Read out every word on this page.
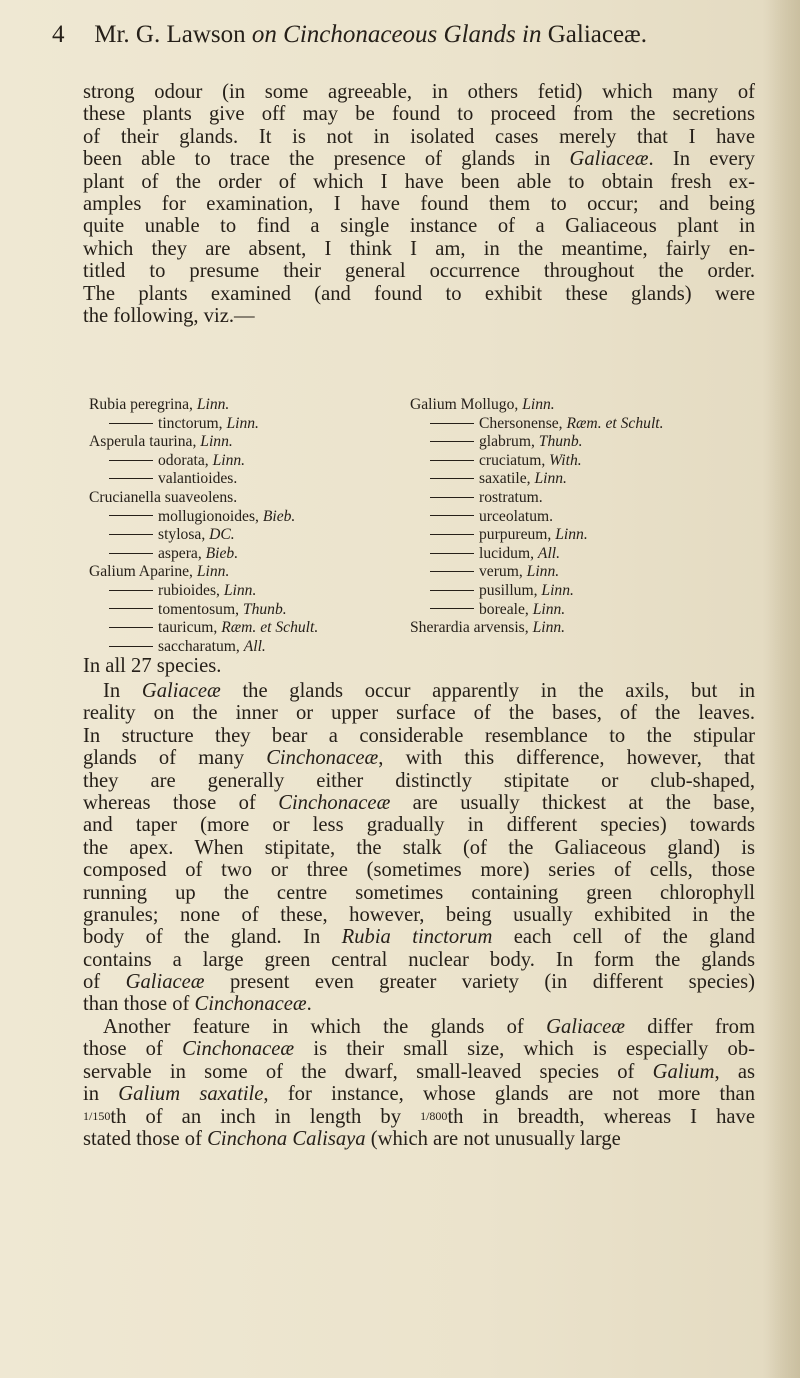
4 Mr. G. Lawson on Cinchonaceous Glands in Galiaceæ.
strong odour (in some agreeable, in others fetid) which many of
these plants give off may be found to proceed from the secretions
of their glands. It is not in isolated cases merely that I have
been able to trace the presence of glands in Galiaceæ. In every
plant of the order of which I have been able to obtain fresh ex-
amples for examination, I have found them to occur; and being
quite unable to find a single instance of a Galiaceous plant in
which they are absent, I think I am, in the meantime, fairly en-
titled to presume their general occurrence throughout the order.
The plants examined (and found to exhibit these glands) were
the following, viz.—
Rubia peregrina, Linn.
tinctorum, Linn.
Asperula taurina, Linn.
odorata, Linn.
valantioides.
Crucianella suaveolens.
mollugionoides, Bieb.
stylosa, DC.
aspera, Bieb.
Galium Aparine, Linn.
rubioides, Linn.
tomentosum, Thunb.
tauricum, Ræm. et Schult.
saccharatum, All.
Galium Mollugo, Linn.
Chersonense, Ræm. et Schult.
glabrum, Thunb.
cruciatum, With.
saxatile, Linn.
rostratum.
urceolatum.
purpureum, Linn.
lucidum, All.
verum, Linn.
pusillum, Linn.
boreale, Linn.
Sherardia arvensis, Linn.
In all 27 species.
In Galiaceæ the glands occur apparently in the axils, but in
reality on the inner or upper surface of the bases, of the leaves.
In structure they bear a considerable resemblance to the stipular
glands of many Cinchonaceæ, with this difference, however, that
they are generally either distinctly stipitate or club-shaped,
whereas those of Cinchonaceæ are usually thickest at the base,
and taper (more or less gradually in different species) towards
the apex. When stipitate, the stalk (of the Galiaceous gland) is
composed of two or three (sometimes more) series of cells, those
running up the centre sometimes containing green chlorophyll
granules; none of these, however, being usually exhibited in the
body of the gland. In Rubia tinctorum each cell of the gland
contains a large green central nuclear body. In form the glands
of Galiaceæ present even greater variety (in different species)
than those of Cinchonaceæ.
Another feature in which the glands of Galiaceæ differ from
those of Cinchonaceæ is their small size, which is especially ob-
servable in some of the dwarf, small-leaved species of Galium, as
in Galium saxatile, for instance, whose glands are not more than
1/150th of an inch in length by 1/800th in breadth, whereas I have
stated those of Cinchona Calisaya (which are not unusually large
